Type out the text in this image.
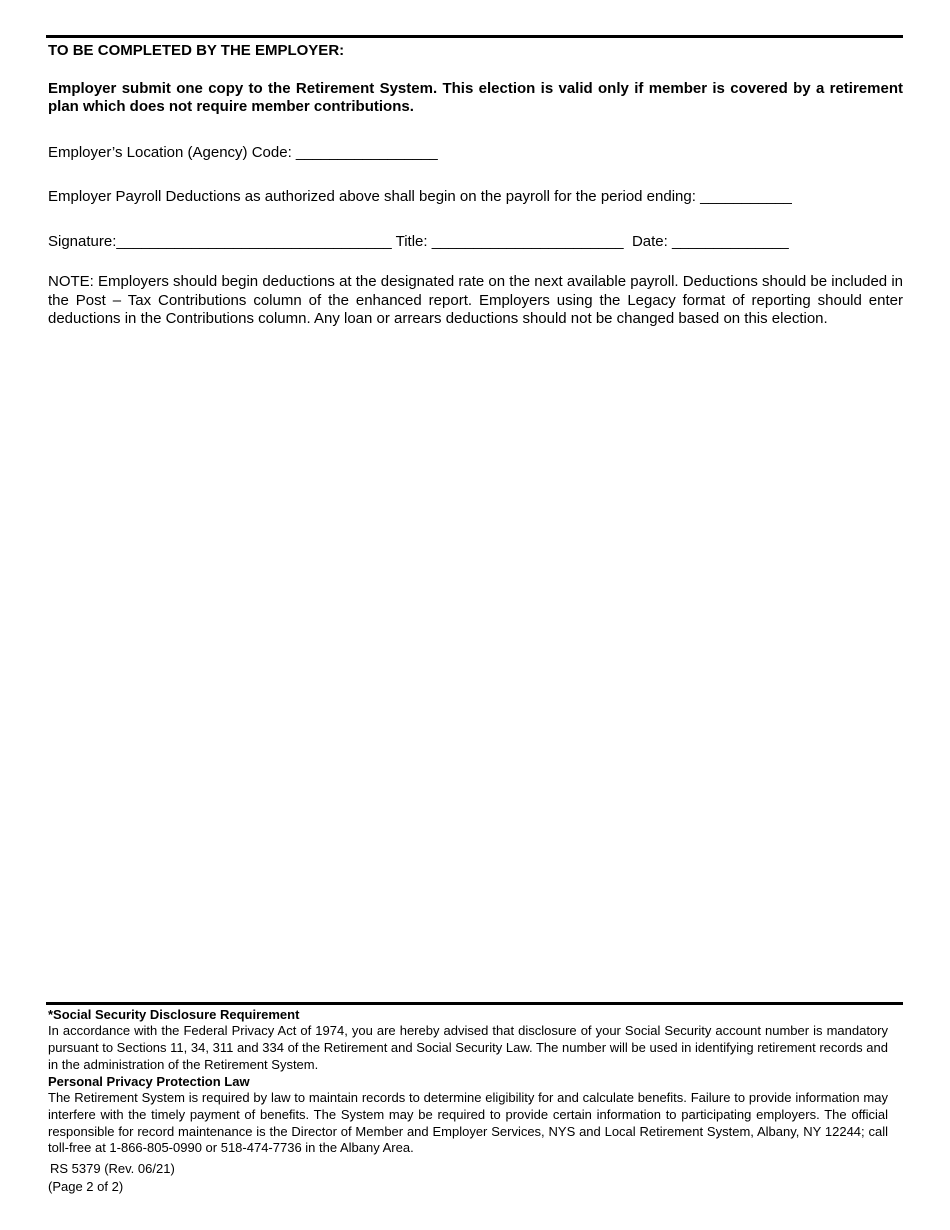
TO BE COMPLETED BY THE EMPLOYER:
Employer submit one copy to the Retirement System. This election is valid only if member is covered by a retirement plan which does not require member contributions.
Employer’s Location (Agency) Code: _________________
Employer Payroll Deductions as authorized above shall begin on the payroll for the period ending: ___________
Signature:_________________________________ Title: _______________________ Date: ______________
NOTE: Employers should begin deductions at the designated rate on the next available payroll. Deductions should be included in the Post – Tax Contributions column of the enhanced report. Employers using the Legacy format of reporting should enter deductions in the Contributions column. Any loan or arrears deductions should not be changed based on this election.
*Social Security Disclosure Requirement
In accordance with the Federal Privacy Act of 1974, you are hereby advised that disclosure of your Social Security account number is mandatory pursuant to Sections 11, 34, 311 and 334 of the Retirement and Social Security Law. The number will be used in identifying retirement records and in the administration of the Retirement System.
Personal Privacy Protection Law
The Retirement System is required by law to maintain records to determine eligibility for and calculate benefits. Failure to provide information may interfere with the timely payment of benefits. The System may be required to provide certain information to participating employers. The official responsible for record maintenance is the Director of Member and Employer Services, NYS and Local Retirement System, Albany, NY 12244; call toll-free at 1-866-805-0990 or 518-474-7736 in the Albany Area.
RS 5379 (Rev. 06/21)
(Page 2 of 2)
